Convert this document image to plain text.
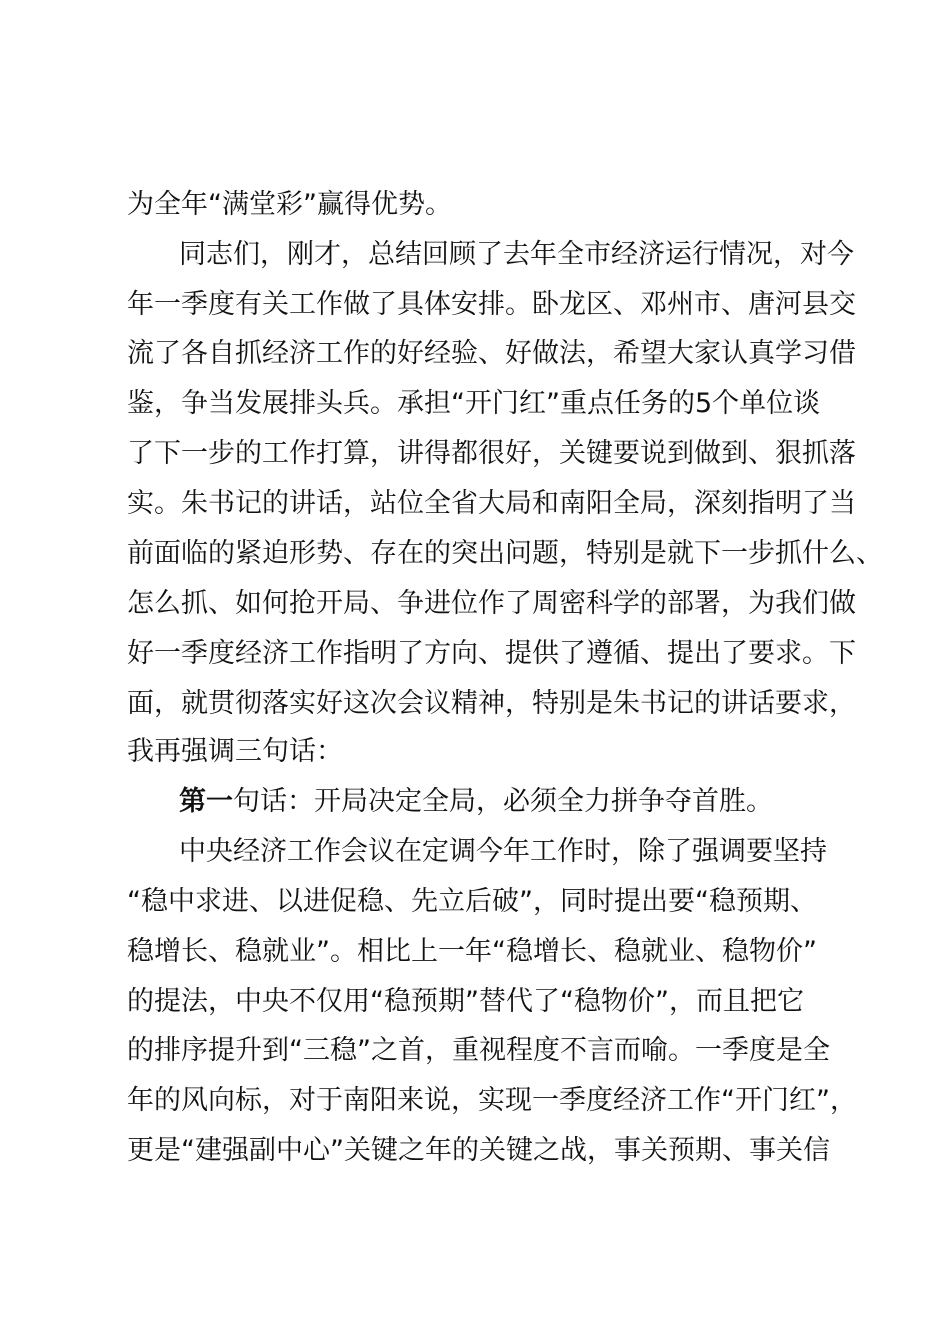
为全年“满堂彩”赢得优势。
同志们，刚才，总结回顾了去年全市经济运行情况，对今
年一季度有关工作做了具体安排。卧龙区、邓州市、唐河县交
流了各自抓经济工作的好经验、好做法，希望大家认真学习借
鉴，争当发展排头兵。承担“开门红”重点任务的5个单位谈
了下一步的工作打算，讲得都很好，关键要说到做到、狠抓落
实。朱书记的讲话，站位全省大局和南阳全局，深刻指明了当
前面临的紧迫形势、存在的突出问题，特别是就下一步抓什么、
怎么抓、如何抢开局、争进位作了周密科学的部署，为我们做
好一季度经济工作指明了方向、提供了遵循、提出了要求。下
面，就贯彻落实好这次会议精神，特别是朱书记的讲话要求，
我再强调三句话：
第一句话：开局决定全局，必须全力拼争夺首胜。
中央经济工作会议在定调今年工作时，除了强调要坚持
“稳中求进、以进促稳、先立后破”，同时提出要“稳预期、
稳增长、稳就业”。相比上一年“稳增长、稳就业、稳物价”
的提法，中央不仅用“稳预期”替代了“稳物价”，而且把它
的排序提升到“三稳”之首，重视程度不言而喻。一季度是全
年的风向标，对于南阳来说，实现一季度经济工作“开门红”，
更是“建强副中心”关键之年的关键之战，事关预期、事关信
